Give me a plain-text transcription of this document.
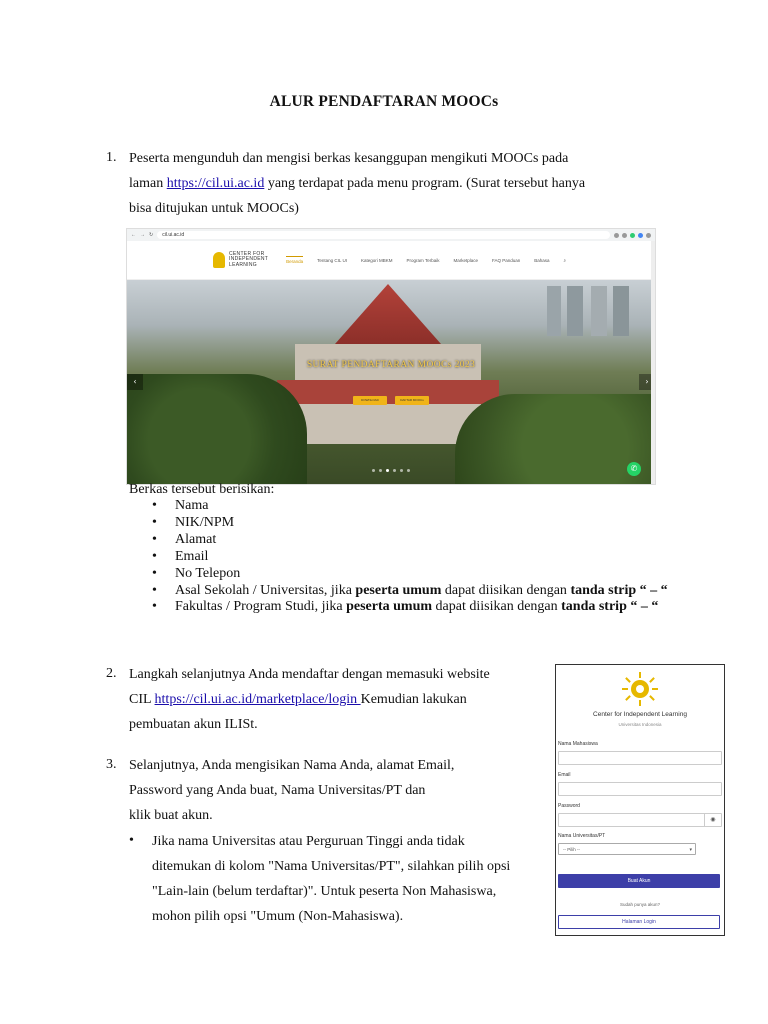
ALUR PENDAFTARAN MOOCs
1. Peserta mengunduh dan mengisi berkas kesanggupan mengikuti MOOCs pada
laman https://cil.ui.ac.id yang terdapat pada menu program. (Surat tersebut hanya
bisa ditujukan untuk MOOCs)
← → ↻ cil.ui.ac.id
CENTER FOR
INDEPENDENT
LEARNING
Beranda	Tentang CIL UI	Kategori MBKM	Program Terbaik	Marketplace	FAQ Panduan	Bahasa	⌕
SURAT PENDAFTARAN MOOCs 2023
DOWNLOAD	DAFTAR MOOCs
‹	›
✆
Berkas tersebut berisikan:
• Nama
• NIK/NPM
• Alamat
• Email
• No Telepon
• Asal Sekolah / Universitas, jika peserta umum dapat diisikan dengan tanda strip “ – “
• Fakultas / Program Studi, jika peserta umum dapat diisikan dengan tanda strip “ – “
2. Langkah selanjutnya Anda mendaftar dengan memasuki website
CIL https://cil.ui.ac.id/marketplace/login Kemudian lakukan
pembuatan akun ILISt.
3. Selanjutnya, Anda mengisikan Nama Anda, alamat Email,
Password yang Anda buat, Nama Universitas/PT dan
klik buat akun.
• Jika nama Universitas atau Perguruan Tinggi anda tidak
ditemukan di kolom "Nama Universitas/PT", silahkan pilih opsi
"Lain-lain (belum terdaftar)". Untuk peserta Non Mahasiswa,
mohon pilih opsi "Umum (Non-Mahasiswa).
Center for Independent Learning
Universitas Indonesia
Nama Mahasiswa
Email
Password
◉
Nama Universitas/PT
-- Pilih --	▾
Buat Akun
Sudah punya akun?
Halaman Login
